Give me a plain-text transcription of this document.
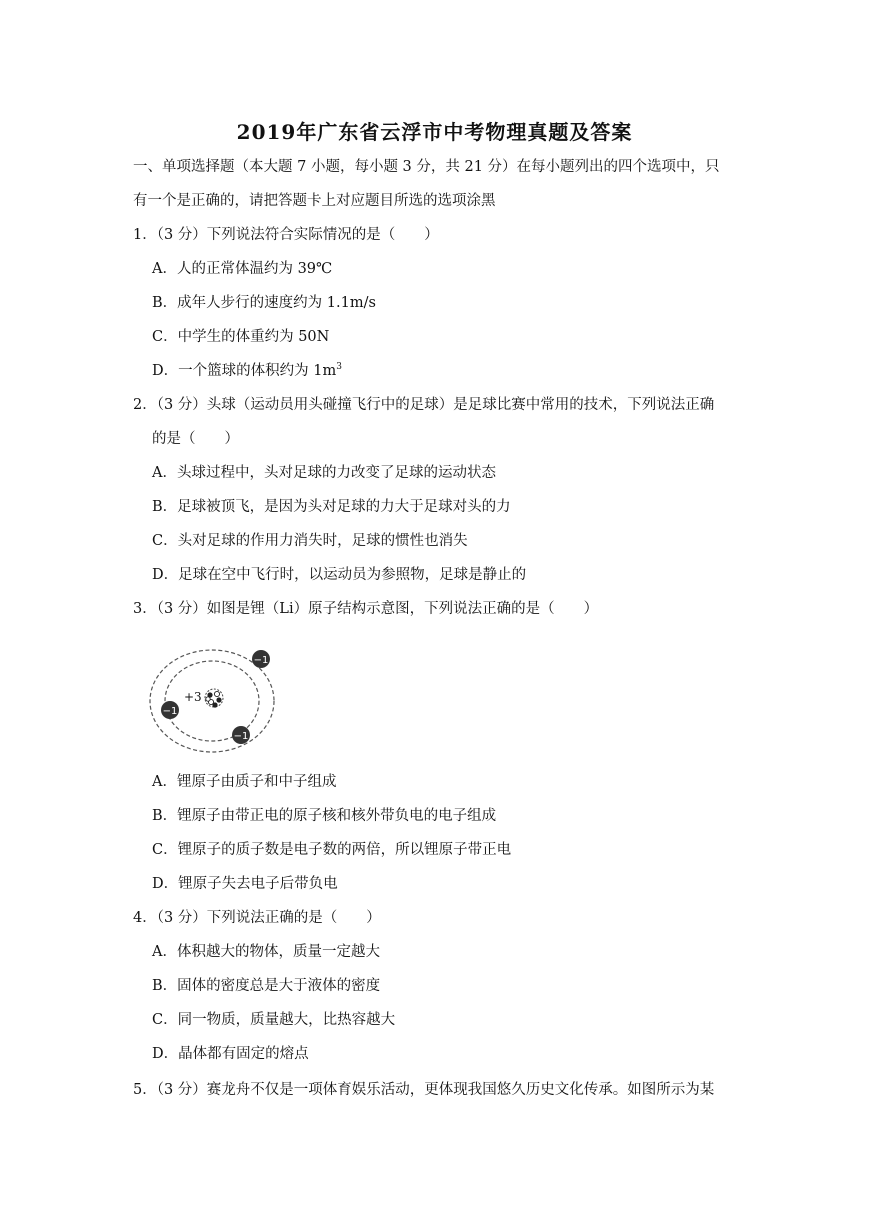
2019年广东省云浮市中考物理真题及答案
一、单项选择题（本大题 7 小题，每小题 3 分，共 21 分）在每小题列出的四个选项中，只
有一个是正确的，请把答题卡上对应题目所选的选项涂黑
1．（3 分）下列说法符合实际情况的是（　　）
A．人的正常体温约为 39℃
B．成年人步行的速度约为 1.1m/s
C．中学生的体重约为 50N
D．一个篮球的体积约为 $1m^3$
2．（3 分）头球（运动员用头碰撞飞行中的足球）是足球比赛中常用的技术，下列说法正确
的是（　　）
A．头球过程中，头对足球的力改变了足球的运动状态
B．足球被顶飞，是因为头对足球的力大于足球对头的力
C．头对足球的作用力消失时，足球的惯性也消失
D．足球在空中飞行时，以运动员为参照物，足球是静止的
3．（3 分）如图是锂（Li）原子结构示意图，下列说法正确的是（　　）
+3
−1
−1
−1
A．锂原子由质子和中子组成
B．锂原子由带正电的原子核和核外带负电的电子组成
C．锂原子的质子数是电子数的两倍，所以锂原子带正电
D．锂原子失去电子后带负电
4．（3 分）下列说法正确的是（　　）
A．体积越大的物体，质量一定越大
B．固体的密度总是大于液体的密度
C．同一物质，质量越大，比热容越大
D．晶体都有固定的熔点
5．（3 分）赛龙舟不仅是一项体育娱乐活动，更体现我国悠久历史文化传承。如图所示为某
